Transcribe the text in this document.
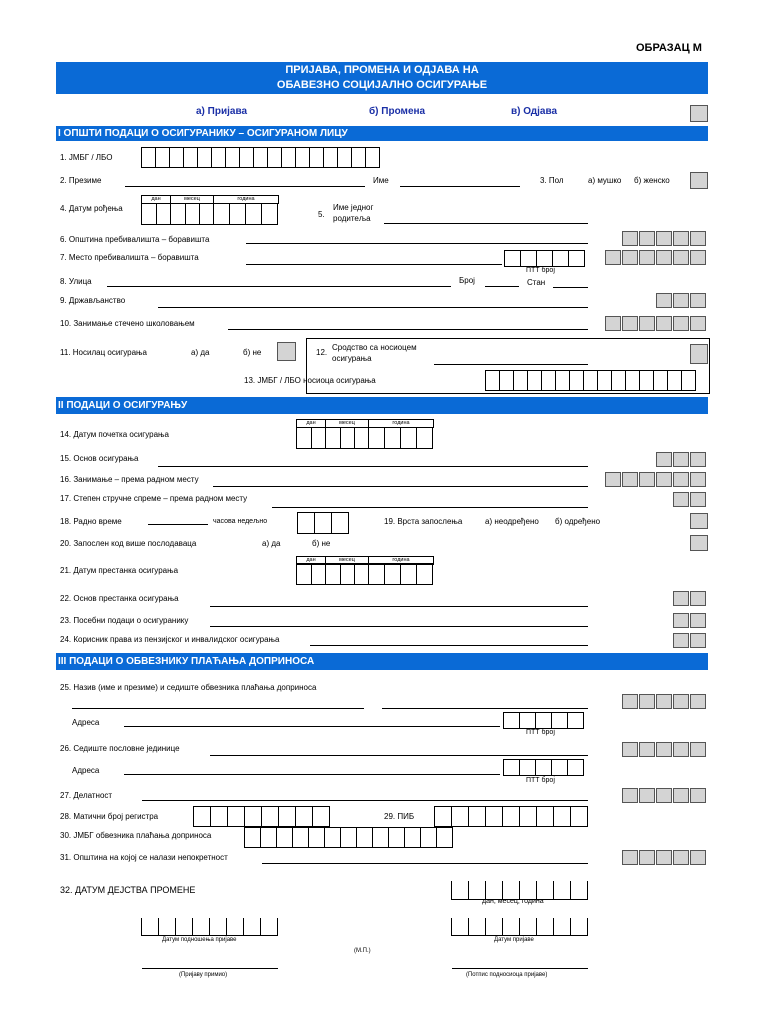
ОБРАЗАЦ М
ПРИЈАВА, ПРОМЕНА И ОДЈАВА НА
ОБАВЕЗНО СОЦИЈАЛНО ОСИГУРАЊЕ
а) Пријава	б) Промена	в) Одјава
I ОПШТИ ПОДАЦИ О ОСИГУРАНИКУ – ОСИГУРАНОМ ЛИЦУ
1. ЈМБГ / ЛБО
2. Презиме	Име	3. Пол	а) мушко б) женско
4. Датум рођења
дан	месец	година
5.
Име једног
родитеља
6. Општина пребивалишта – боравишта
7. Место пребивалишта – боравишта
ПТТ број
8. Улица	Број	Стан
9. Држављанство
10. Занимање стечено школовањем
11. Носилац осигурања	а) да	б) не	12.
Сродство са носиоцем
осигурања
13. ЈМБГ / ЛБО носиоца осигурања
II ПОДАЦИ О ОСИГУРАЊУ
14. Датум почетка осигурања
дан	месец	година
15. Основ осигурања
16. Занимање – према радном месту
17. Степен стручне спреме – према радном месту
18. Радно време	часова недељно	19. Врста запослења	а) неодређено б) одређено
20. Запослен код више послодаваца	а) да	б) не
21. Датум престанка осигурања
дан	месец	година
22. Основ престанка осигурања
23. Посебни подаци о осигуранику
24. Корисник права из пензијског и инвалидског осигурања
III ПОДАЦИ О ОБВЕЗНИКУ ПЛАЋАЊА ДОПРИНОСА
25. Назив (име и презиме) и седиште обвезника плаћања доприноса
Адреса
ПТТ број
26. Седиште пословне јединице
Адреса
ПТТ број
27. Делатност
28. Матични број регистра	29. ПИБ
30. ЈМБГ обвезника плаћања доприноса
31. Општина на којој се налази непокретност
32. ДАТУМ ДЕЈСТВА ПРОМЕНЕ
дан, месец, година
Датум подношења пријаве	Датум пријаве
(М.П.)
(Пријаву примио)	(Потпис подносиоца пријаве)
